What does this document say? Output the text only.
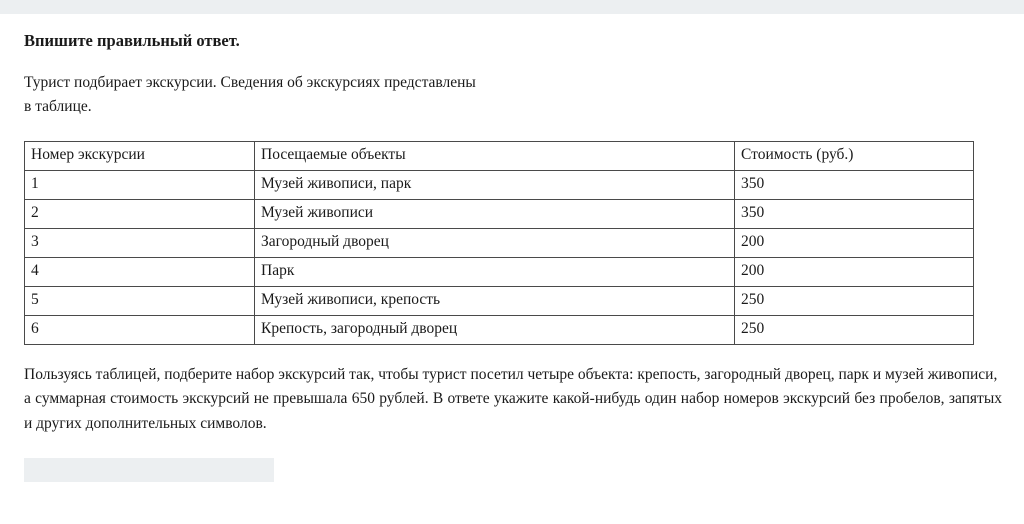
Впишите правильный ответ.
Турист подбирает экскурсии. Сведения об экскурсиях представлены
в таблице.
Номер экскурсии	Посещаемые объекты	Стоимость (руб.)
1	Музей живописи, парк	350
2	Музей живописи	350
3	Загородный дворец	200
4	Парк	200
5	Музей живописи, крепость	250
6	Крепость, загородный дворец	250

Пользуясь таблицей, подберите набор экскурсий так, чтобы турист посетил четыре объекта: крепость, загородный дворец, парк и музей живописи,

а суммарная стоимость экскурсий не превышала 650 рублей. В ответе укажите какой-нибудь один набор номеров экскурсий без пробелов, запятых и других дополнительных символов.
